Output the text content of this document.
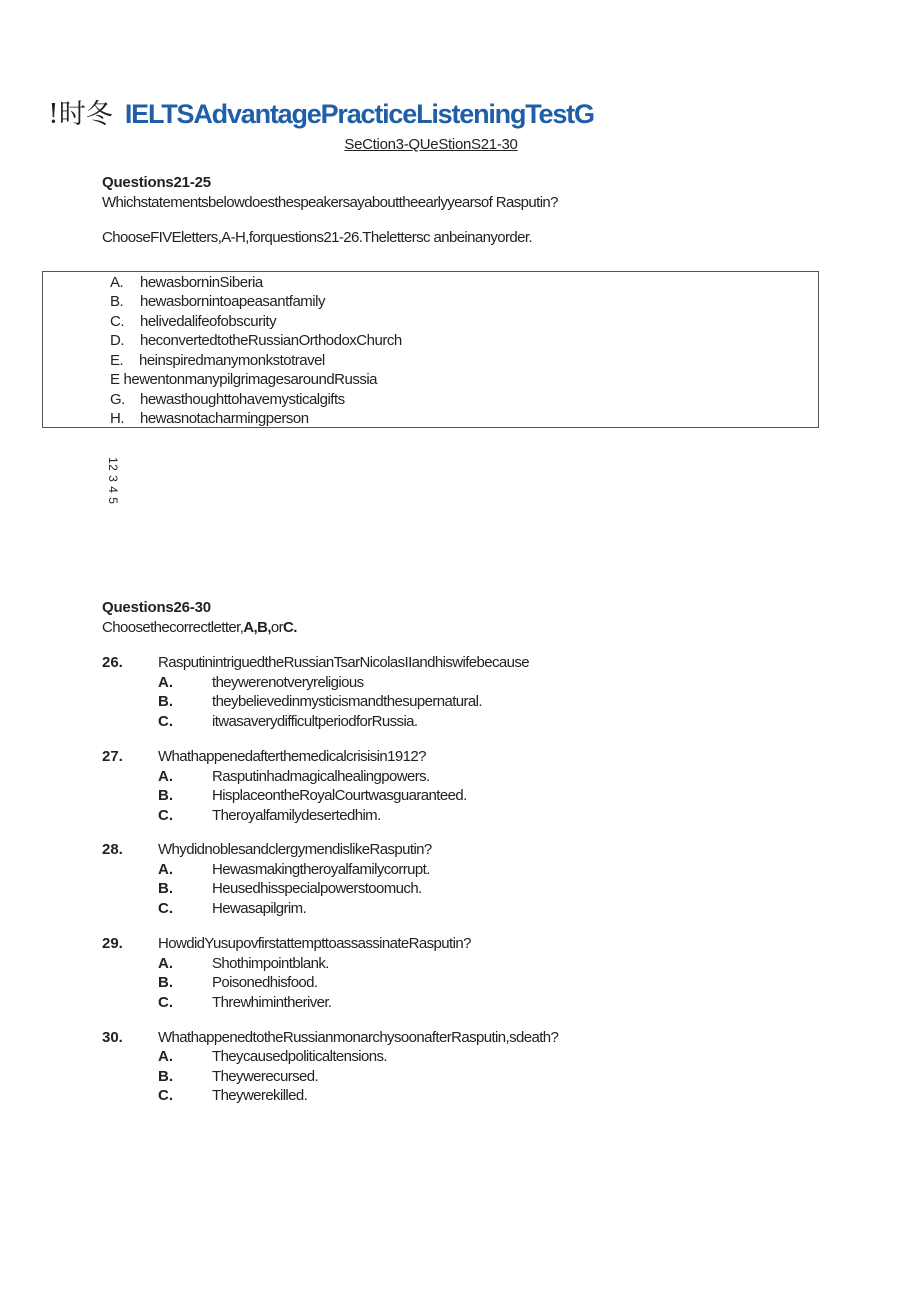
!时冬 IELTSAdvantagePracticeListeningTestG
SeCtion3-QUeStionS21-30
Questions21-25
Whichstatementsbelowdoesthespeakersayabouttheearlyyearsof Rasputin?
ChooseFIVEletters,A-H,forquestions21-26.Thelettersc anbeinanyorder.
A. hewasborninSiberia
B. hewasbornintoapeasantfamily
C. helivedalifeofobscurity
D. heconvertedtotheRussianOrthodoxChurch
E. heinspiredmanymonkstotravel
E hewentonmanypilgrimagesaroundRussia
G. hewasthoughttohavemysticalgifts
H. hewasnotacharmingperson
12 3 4 5
Questions26-30
Choosethecorrectletter,A,B,orC.
26. RasputinintriguedtheRussianTsarNicolasIIandhiswifebecause
A.	theywerenotveryreligious
B.	theybelievedinmysticismandthesupernatural.
C.	itwasaverydifficultperiodforRussia.
27. Whathappenedafterthemedicalcrisisin1912?
A.	Rasputinhadmagicalhealingpowers.
B.	HisplaceontheRoyalCourtwasguaranteed.
C.	Theroyalfamilydesertedhim.
28. WhydidnoblesandclergymendislikeRasputin?
A.	Hewasmakingtheroyalfamilycorrupt.
B.	Heusedhisspecialpowerstoomuch.
C.	Hewasapilgrim.
29. HowdidYusupovfirstattempttoassassinateRasputin?
A.	Shothimpointblank.
B.	Poisonedhisfood.
C.	Threwhimintheriver.
30. WhathappenedtotheRussianmonarchysoonafterRasputin,sdeath?
A.	Theycausedpoliticaltensions.
B.	Theywerecursed.
C.	Theywerekilled.
